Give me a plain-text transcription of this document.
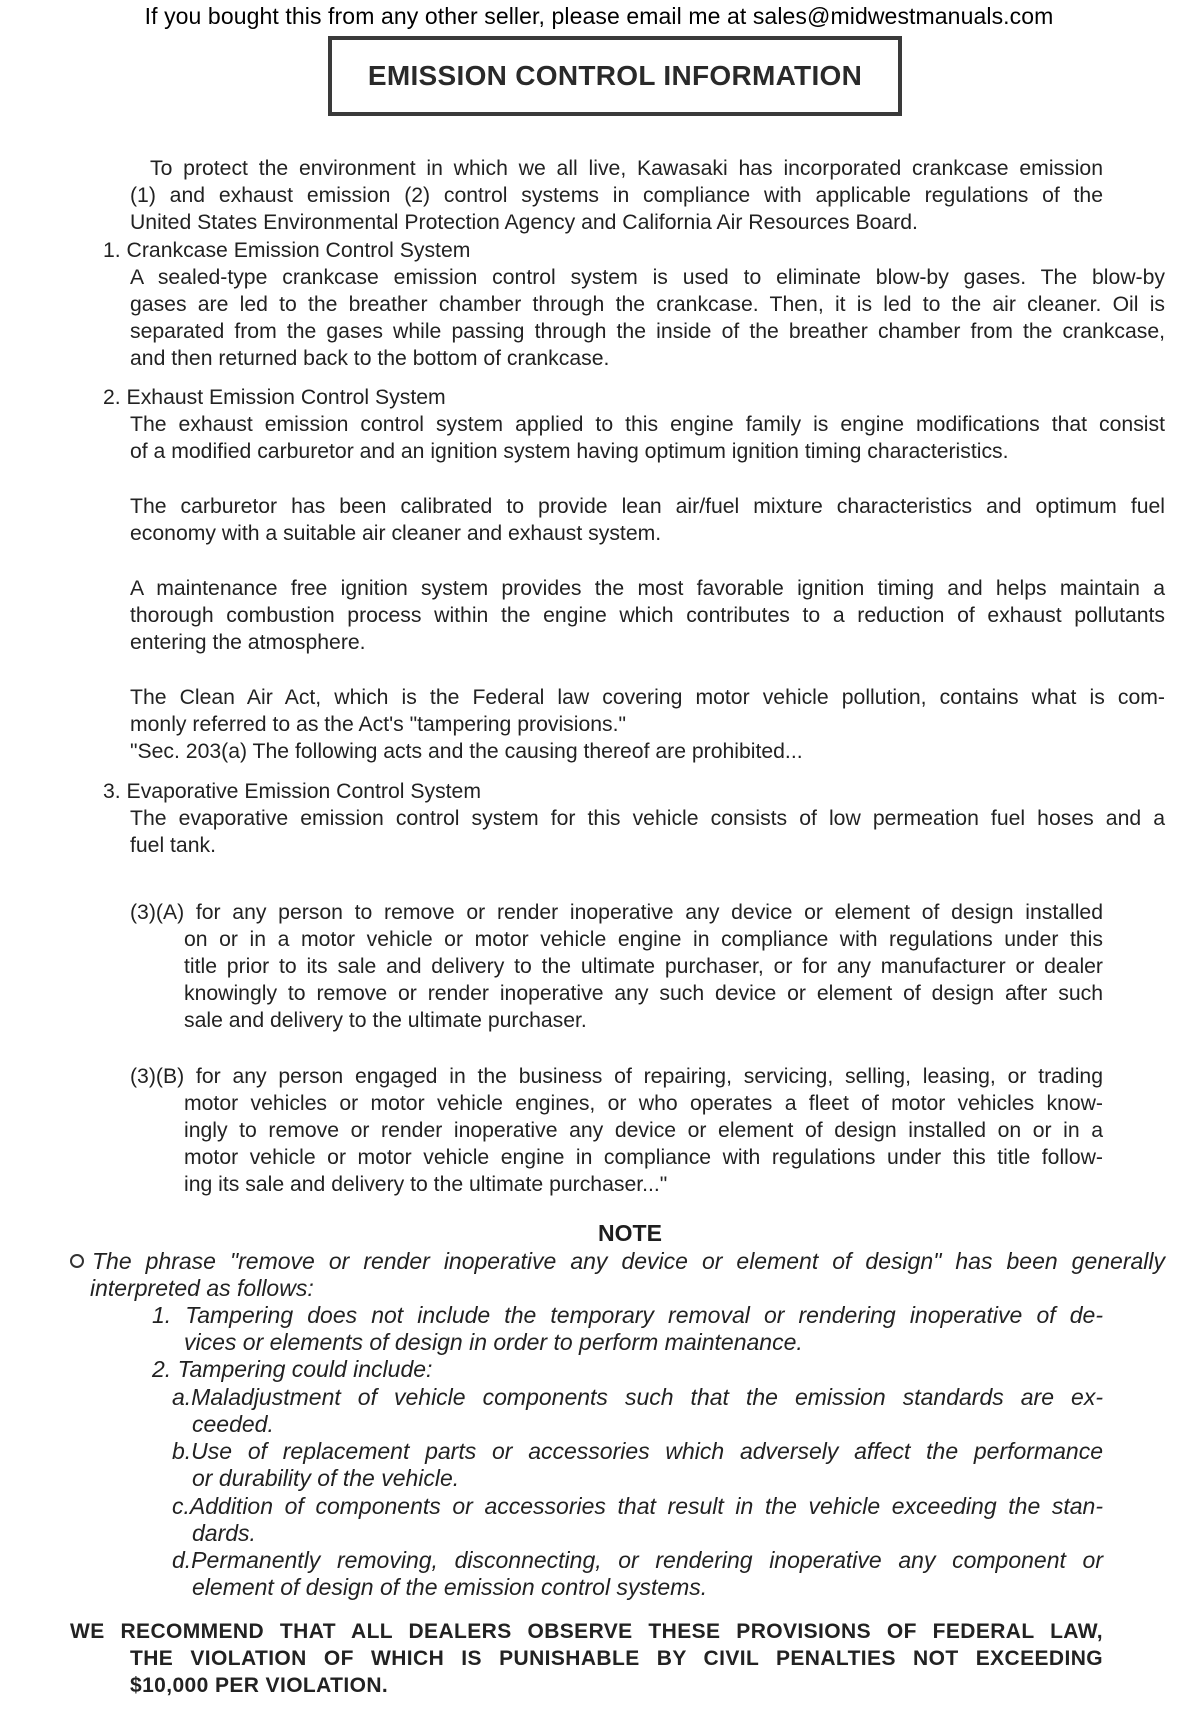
If you bought this from any other seller, please email me at sales@midwestmanuals.com
EMISSION CONTROL INFORMATION
To protect the environment in which we all live, Kawasaki has incorporated crankcase emission
(1) and exhaust emission (2) control systems in compliance with applicable regulations of the
United States Environmental Protection Agency and California Air Resources Board.
1. Crankcase Emission Control System
A sealed-type crankcase emission control system is used to eliminate blow-by gases. The blow-by
gases are led to the breather chamber through the crankcase. Then, it is led to the air cleaner. Oil is
separated from the gases while passing through the inside of the breather chamber from the crankcase,
and then returned back to the bottom of crankcase.
2. Exhaust Emission Control System
The exhaust emission control system applied to this engine family is engine modifications that consist
of a modified carburetor and an ignition system having optimum ignition timing characteristics.
The carburetor has been calibrated to provide lean air/fuel mixture characteristics and optimum fuel
economy with a suitable air cleaner and exhaust system.
A maintenance free ignition system provides the most favorable ignition timing and helps maintain a
thorough combustion process within the engine which contributes to a reduction of exhaust pollutants
entering the atmosphere.
The Clean Air Act, which is the Federal law covering motor vehicle pollution, contains what is com-
monly referred to as the Act's "tampering provisions."
"Sec. 203(a) The following acts and the causing thereof are prohibited...
3. Evaporative Emission Control System
The evaporative emission control system for this vehicle consists of low permeation fuel hoses and a
fuel tank.
(3)(A) for any person to remove or render inoperative any device or element of design installed
on or in a motor vehicle or motor vehicle engine in compliance with regulations under this
title prior to its sale and delivery to the ultimate purchaser, or for any manufacturer or dealer
knowingly to remove or render inoperative any such device or element of design after such
sale and delivery to the ultimate purchaser.
(3)(B) for any person engaged in the business of repairing, servicing, selling, leasing, or trading
motor vehicles or motor vehicle engines, or who operates a fleet of motor vehicles know-
ingly to remove or render inoperative any device or element of design installed on or in a
motor vehicle or motor vehicle engine in compliance with regulations under this title follow-
ing its sale and delivery to the ultimate purchaser..."
NOTE
The phrase "remove or render inoperative any device or element of design" has been generally
interpreted as follows:
1. Tampering does not include the temporary removal or rendering inoperative of de-
vices or elements of design in order to perform maintenance.
2. Tampering could include:
a.Maladjustment of vehicle components such that the emission standards are ex-
ceeded.
b.Use of replacement parts or accessories which adversely affect the performance
or durability of the vehicle.
c.Addition of components or accessories that result in the vehicle exceeding the stan-
dards.
d.Permanently removing, disconnecting, or rendering inoperative any component or
element of design of the emission control systems.
WE RECOMMEND THAT ALL DEALERS OBSERVE THESE PROVISIONS OF FEDERAL LAW,
THE VIOLATION OF WHICH IS PUNISHABLE BY CIVIL PENALTIES NOT EXCEEDING
$10,000 PER VIOLATION.
